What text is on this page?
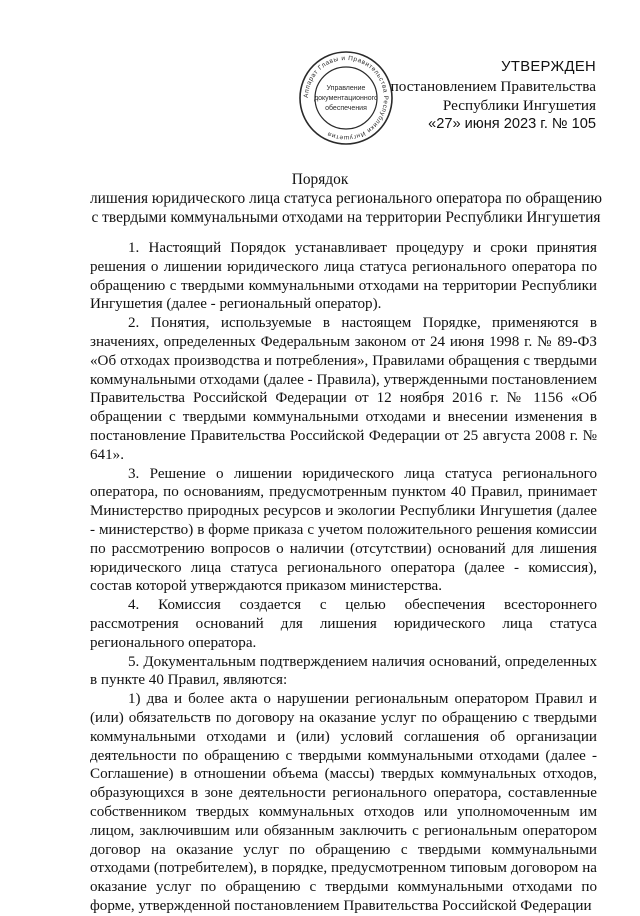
Аппарат Главы и Правительства Республики Ингушетия
Управление
документационного
обеспечения
УТВЕРЖДЕН
постановлением Правительства
Республики Ингушетия
«27» июня 2023 г. № 105
Порядок
лишения юридического лица статуса регионального оператора по обращению с твердыми коммунальными отходами на территории Республики Ингушетия

1. Настоящий Порядок устанавливает процедуру и сроки принятия решения о лишении юридического лица статуса регионального оператора по обращению с твердыми коммунальными отходами на территории Республики Ингушетия (далее - региональный оператор).

2. Понятия, используемые в настоящем Порядке, применяются в значениях, определенных Федеральным законом от 24 июня 1998 г. № 89-ФЗ «Об отходах производства и потребления», Правилами обращения с твердыми коммунальными отходами (далее - Правила), утвержденными постановлением Правительства Российской Федерации от 12 ноября 2016 г. № 1156 «Об обращении с твердыми коммунальными отходами и внесении изменения в постановление Правительства Российской Федерации от 25 августа 2008 г. № 641».

3. Решение о лишении юридического лица статуса регионального оператора, по основаниям, предусмотренным пунктом 40 Правил, принимает Министерство природных ресурсов и экологии Республики Ингушетия (далее - министерство) в форме приказа с учетом положительного решения комиссии по рассмотрению вопросов о наличии (отсутствии) оснований для лишения юридического лица статуса регионального оператора (далее - комиссия), состав которой утверждаются приказом министерства.

4. Комиссия создается с целью обеспечения всестороннего рассмотрения оснований для лишения юридического лица статуса регионального оператора.

5. Документальным подтверждением наличия оснований, определенных в пункте 40 Правил, являются:

1) два и более акта о нарушении региональным оператором Правил и (или) обязательств по договору на оказание услуг по обращению с твердыми коммунальными отходами и (или) условий соглашения об организации деятельности по обращению с твердыми коммунальными отходами (далее - Соглашение) в отношении объема (массы) твердых коммунальных отходов, образующихся в зоне деятельности регионального оператора, составленные собственником твердых коммунальных отходов или уполномоченным им лицом, заключившим или обязанным заключить с региональным оператором договор на оказание услуг по обращению с твердыми коммунальными отходами (потребителем), в порядке, предусмотренном типовым договором на оказание услуг по обращению с твердыми коммунальными отходами по форме, утвержденной постановлением Правительства Российской Федерации
